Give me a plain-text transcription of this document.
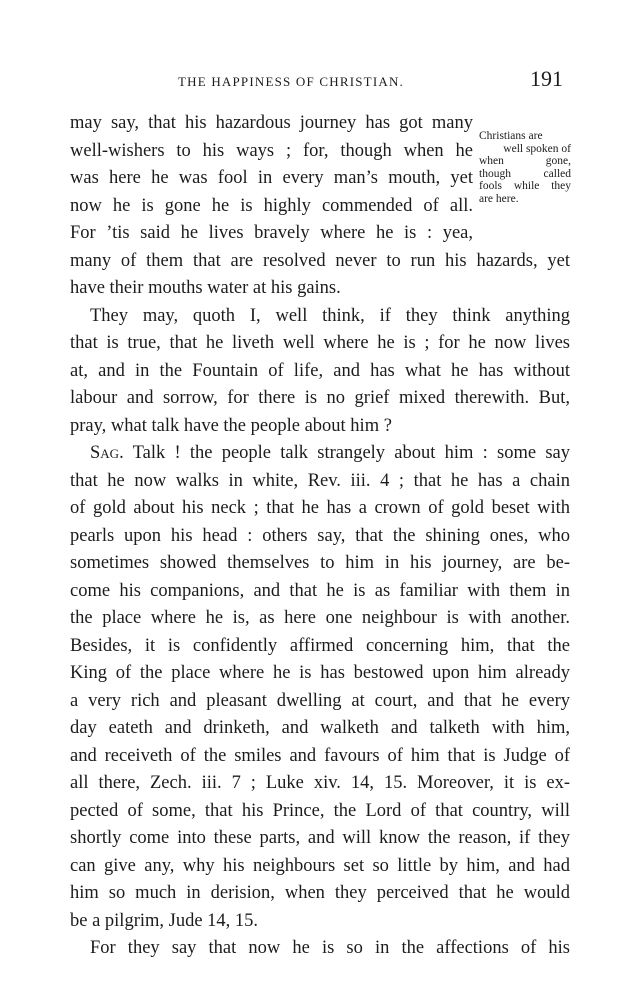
THE HAPPINESS OF CHRISTIAN.	191
Christians are
well spoken of
when gone,
though called
fools while they
are here.
may say, that his hazardous journey has got many
well-wishers to his ways ; for, though when he
was here he was fool in every man’s mouth, yet
now he is gone he is highly commended of all.
For ’tis said he lives bravely where he is : yea,
many of them that are resolved never to run his hazards, yet
have their mouths water at his gains.
They may, quoth I, well think, if they think anything
that is true, that he liveth well where he is ; for he now lives
at, and in the Fountain of life, and has what he has without
labour and sorrow, for there is no grief mixed therewith. But,
pray, what talk have the people about him ?
Sag. Talk ! the people talk strangely about him : some say
that he now walks in white, Rev. iii. 4 ; that he has a chain
of gold about his neck ; that he has a crown of gold beset with
pearls upon his head : others say, that the shining ones, who
sometimes showed themselves to him in his journey, are be-
come his companions, and that he is as familiar with them in
the place where he is, as here one neighbour is with another.
Besides, it is confidently affirmed concerning him, that the
King of the place where he is has bestowed upon him already
a very rich and pleasant dwelling at court, and that he every
day eateth and drinketh, and walketh and talketh with him,
and receiveth of the smiles and favours of him that is Judge of
all there, Zech. iii. 7 ; Luke xiv. 14, 15. Moreover, it is ex-
pected of some, that his Prince, the Lord of that country, will
shortly come into these parts, and will know the reason, if they
can give any, why his neighbours set so little by him, and had
him so much in derision, when they perceived that he would
be a pilgrim, Jude 14, 15.
For they say that now he is so in the affections of his
